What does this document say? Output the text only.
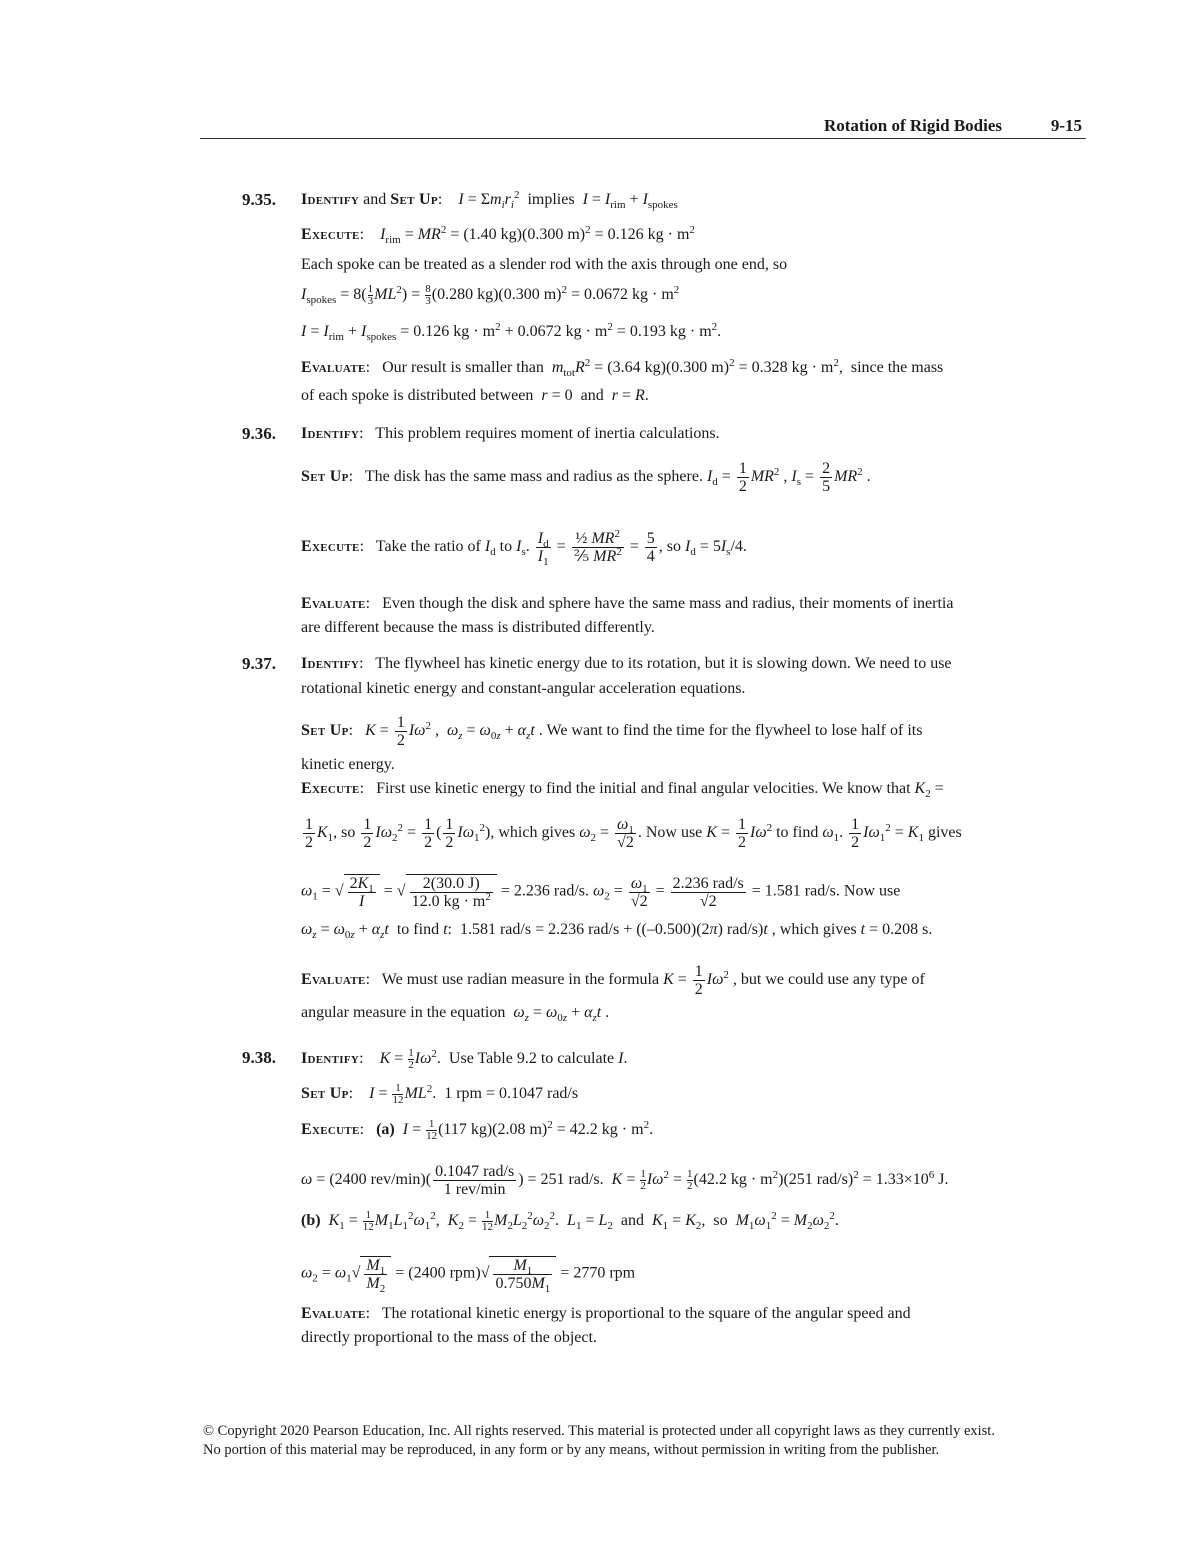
Rotation of Rigid Bodies	9-15
9.35. Identify and Set Up:    $I = \Sigma m_ir_i^2$  implies  $I = I_{rim} + I_{spokes}$
Execute:    $I_{rim} = MR^2 = (1.40$ kg)(0.300 m)$^2$ = 0.126 kg · $m^2$
Each spoke can be treated as a slender rod with the axis through one end, so
$I_{spokes} = 8( \frac{1}{3} ML^2) = \frac{8}{3} (0.280$ kg)(0.300 m)$^2$ = 0.0672 kg · $m^2$
$I = I_{rim} + I_{spokes} = 0.126$ kg · $m^2 + 0.0672$ kg · $m^2 = 0.193$ kg · $m^2$.
Evaluate:   Our result is smaller than  $m_{tot}R^2 = (3.64$ kg)(0.300 m)$^2$ = 0.328 kg · $m^2$,  since the mass
of each spoke is distributed between  r = 0  and  r = R.
9.36. Identify:   This problem requires moment of inertia calculations.
Set Up:   The disk has the same mass and radius as the sphere. $I_d = \frac{1}{2} MR^2$ , $I_s = \frac{2}{5} MR^2$ .
Execute:   Take the ratio of $I_d$ to $I_s$. $\frac{I_d}{I_1} = \frac{\frac{1}{2} MR^2}{\frac{2}{5} MR^2} = \frac{5}{4}$ , so $I_d = 5I_s/4$.
Evaluate:   Even though the disk and sphere have the same mass and radius, their moments of inertia
are different because the mass is distributed differently.
9.37. Identify:   The flywheel has kinetic energy due to its rotation, but it is slowing down. We need to use
rotational kinetic energy and constant-angular acceleration equations.
Set Up:   $K = \frac{1}{2} I\omega^2$ ,  $\omega_z = \omega_{0z} + \alpha_zt$ . We want to find the time for the flywheel to lose half of its
kinetic energy.
Execute:   First use kinetic energy to find the initial and final angular velocities. We know that $K_2$ =
$\frac{1}{2} K_1$, so $\frac{1}{2} I\omega_2^2 = \frac{1}{2}$ ( $\frac{1}{2} I\omega_1^2$), which gives $\omega_2 = \frac{\omega_1}{√2}$ . Now use $K = \frac{1}{2} I\omega^2$ to find $\omega_1$. $\frac{1}{2} I\omega_1^2 = K_1$ gives
$\omega_1$ = √ $\frac{2K_1}{I}$ = √ $\frac{2(30.0 J)}{12.0 kg \cdot m^2} = 2.236$ rad/s. $\omega_2 = \frac{\omega_1}{√2} = \frac{\text{2.236 rad/s}}{√2} = 1.581$ rad/s. Now use
$\omega_z = \omega_{0z} + \alpha_zt$  to find t:  1.581 rad/s = 2.236 rad/s + ((–0.500)(2π) rad/s)t , which gives t = 0.208 s.
Evaluate:   We must use radian measure in the formula $K = \frac{1}{2} I\omega^2$ , but we could use any type of
angular measure in the equation  $\omega_z = \omega_{0z} + \alpha_zt$ .
9.38. Identify:    $K = \frac{1}{2} I\omega^2$.  Use Table 9.2 to calculate I.
Set Up:    $I = \frac{1}{12} ML^2$.  1 rpm = 0.1047 rad/s
Execute:   (a) $I = \frac{1}{12} (117$ kg)(2.08 m)$^2$ = 42.2 kg · $m^2$.
ω = (2400 $rev/\min)( \frac{\text{0.1047 rad/s}}{\text{1 rev/min}}$ ) = 251 rad/s.  $K = \frac{1}{2} I\omega^2 = \frac{1}{2} (42.2$ kg · $m^2)(251$ $rad/s)^2 = 1.33\times 10^6$ J.
(b) $K_1 = \frac{1}{12} M_1L_1^2\omega_1^2$,  $K_2 = \frac{1}{12} M_2L_2^2\omega_2^2$.  $L_1 = L_2$  and  $K_1 = K_2$,  so  $M_1\omega_1^2 = M_2\omega_2^2$.
$\omega_2 = \omega_1√ \frac{M_1}{M_2} = (2400$ $rpm)√ \frac{M_1}{0.750M_1} = 2770$ rpm
Evaluate:   The rotational kinetic energy is proportional to the square of the angular speed and
directly proportional to the mass of the object.
© Copyright 2020 Pearson Education, Inc. All rights reserved. This material is protected under all copyright laws as they currently exist.
No portion of this material may be reproduced, in any form or by any means, without permission in writing from the publisher.
